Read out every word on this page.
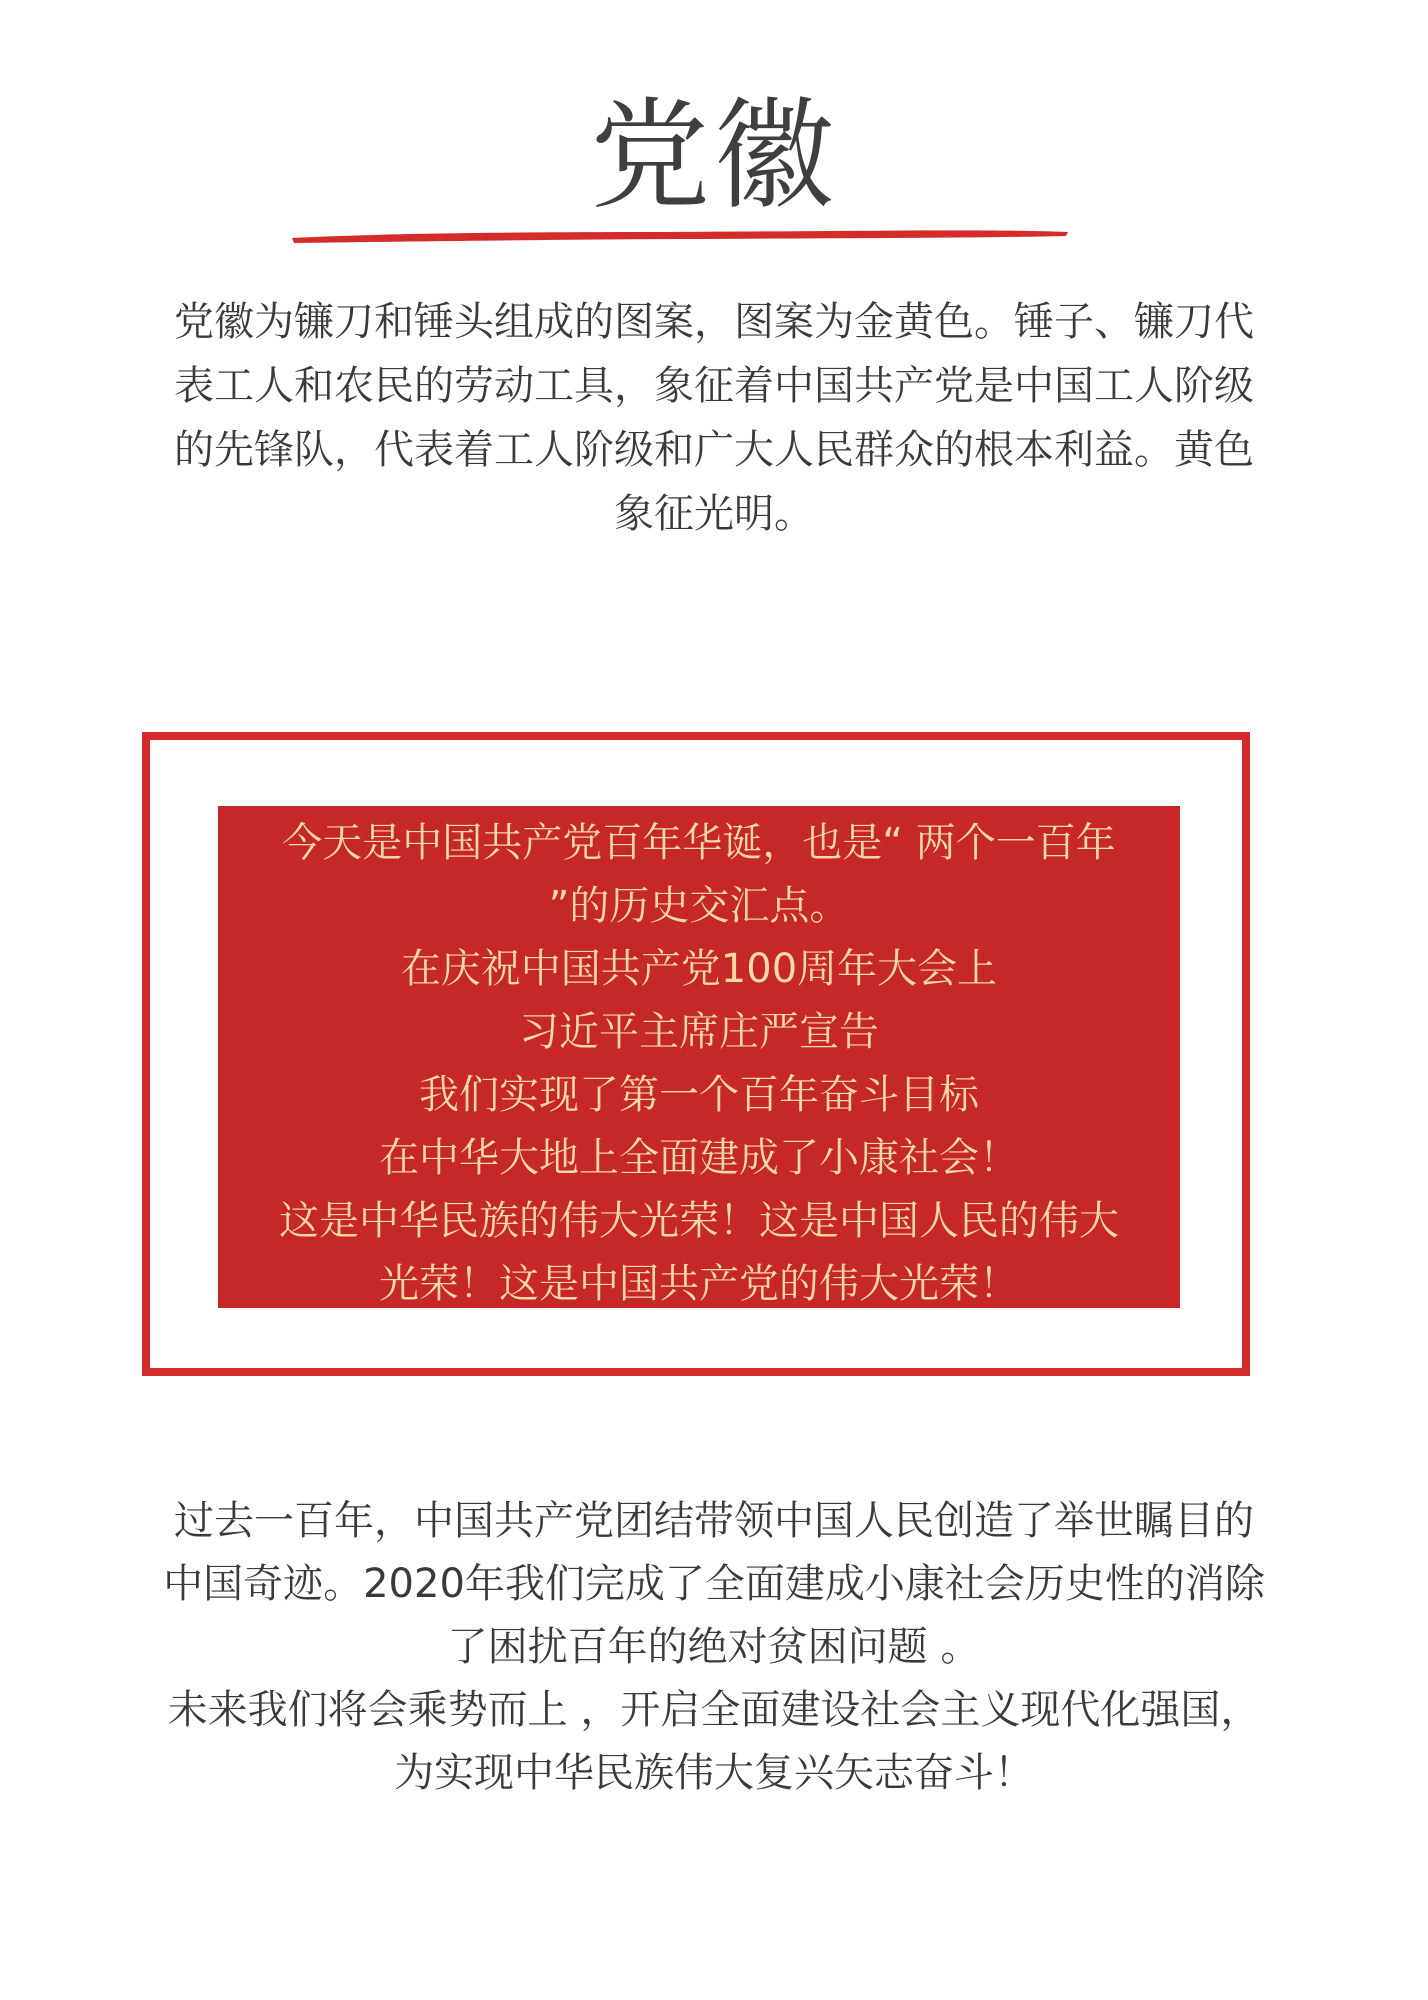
党徽
党徽为镰刀和锤头组成的图案，图案为金黄色。锤子、镰刀代
表工人和农民的劳动工具，象征着中国共产党是中国工人阶级
的先锋队，代表着工人阶级和广大人民群众的根本利益。黄色
象征光明。
今天是中国共产党百年华诞，也是“ 两个一百年
”的历史交汇点。
在庆祝中国共产党100周年大会上
习近平主席庄严宣告
我们实现了第一个百年奋斗目标
在中华大地上全面建成了小康社会！
这是中华民族的伟大光荣！这是中国人民的伟大
光荣！这是中国共产党的伟大光荣！
过去一百年，中国共产党团结带领中国人民创造了举世瞩目的
中国奇迹。2020年我们完成了全面建成小康社会历史性的消除
了困扰百年的绝对贫困问题 。
未来我们将会乘势而上 ，开启全面建设社会主义现代化强国，
为实现中华民族伟大复兴矢志奋斗！
